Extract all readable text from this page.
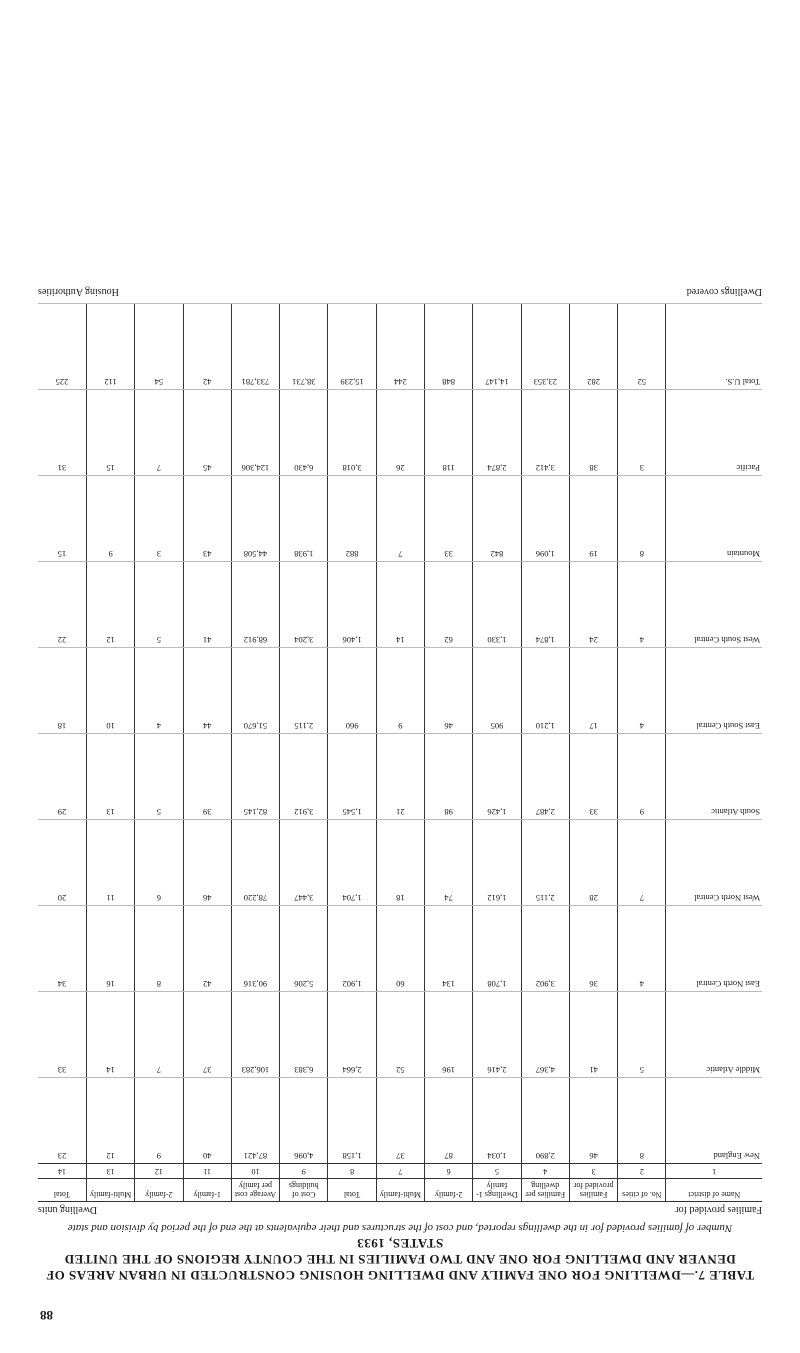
88
TABLE 7.—DWELLING FOR ONE FAMILY AND DWELLING HOUSING CONSTRUCTED IN URBAN AREAS OF DENVER AND DWELLING FOR ONE AND TWO FAMILIES IN THE COUNTY REGIONS OF THE UNITED STATES, 1933
Number of families provided for in the dwellings reported, and cost of the structures and their equivalents at the end of the period by division and state
Families provided for
Dwelling units
Name of district	No. of cities	Families provided for	Families per dwelling	Dwellings 1-family	2-family	Multi-family	Total	Cost of buildings	Average cost per family	1-family	2-family	Multi-family	Total
1	2	3	4	5	6	7	8	9	10	11	12	13	14
New England	8	46	2,890	1,034	87	37	1,158	4,096	87,421	40	9	12	23
Middle Atlantic	5	41	4,367	2,416	196	52	2,664	6,383	106,283	37	7	14	33
East North Central	4	36	3,902	1,708	134	60	1,902	5,206	90,316	42	8	16	34
West North Central	7	28	2,115	1,612	74	18	1,704	3,447	78,220	46	6	11	20
South Atlantic	9	33	2,487	1,426	98	21	1,545	3,912	82,145	39	5	13	29
East South Central	4	17	1,210	905	46	9	960	2,115	51,670	44	4	10	18
West South Central	4	24	1,874	1,330	62	14	1,406	3,204	68,912	41	5	12	22
Mountain	8	19	1,096	842	33	7	882	1,938	44,508	43	3	9	15
Pacific	3	38	3,412	2,874	118	26	3,018	6,430	124,306	45	7	15	31
Total U.S.	52	282	23,353	14,147	848	244	15,239	38,731	733,781	42	54	112	225
Dwellings covered
Housing Authorities
